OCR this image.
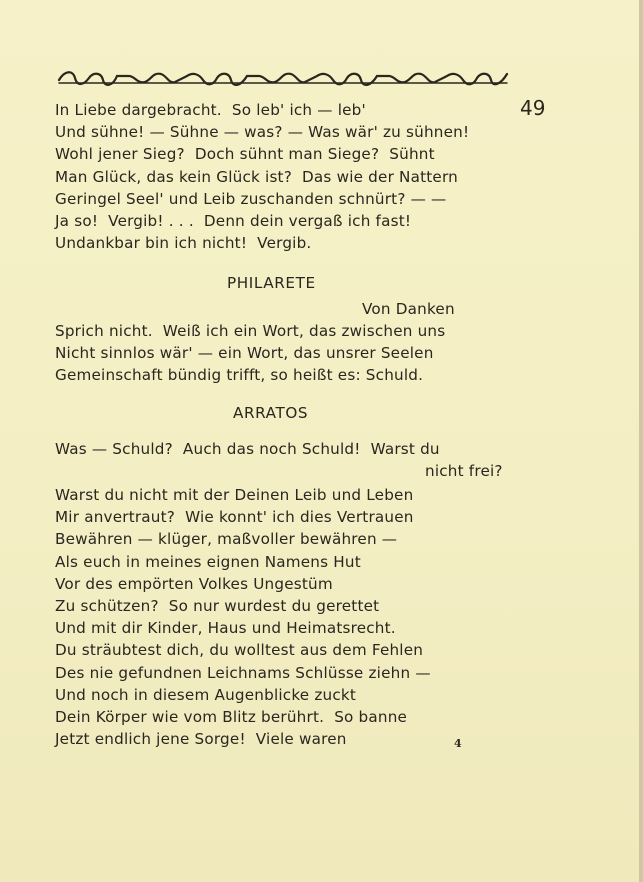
49
In Liebe dargebracht.  So leb' ich — leb'
Und sühne! — Sühne — was? — Was wär' zu sühnen!
Wohl jener Sieg?  Doch sühnt man Siege?  Sühnt
Man Glück, das kein Glück ist?  Das wie der Nattern
Geringel Seel' und Leib zuschanden schnürt? — —
Ja so!  Vergib! . . .  Denn dein vergaß ich fast!
Undankbar bin ich nicht!  Vergib.
PHILARETE
Von Danken
Sprich nicht.  Weiß ich ein Wort, das zwischen uns
Nicht sinnlos wär' — ein Wort, das unsrer Seelen
Gemeinschaft bündig trifft, so heißt es: Schuld.
ARRATOS
Was — Schuld?  Auch das noch Schuld!  Warst du
nicht frei?
Warst du nicht mit der Deinen Leib und Leben
Mir anvertraut?  Wie konnt' ich dies Vertrauen
Bewähren — klüger, maßvoller bewähren —
Als euch in meines eignen Namens Hut
Vor des empörten Volkes Ungestüm
Zu schützen?  So nur wurdest du gerettet
Und mit dir Kinder, Haus und Heimatsrecht.
Du sträubtest dich, du wolltest aus dem Fehlen
Des nie gefundnen Leichnams Schlüsse ziehn —
Und noch in diesem Augenblicke zuckt
Dein Körper wie vom Blitz berührt.  So banne
Jetzt endlich jene Sorge!  Viele waren	4
